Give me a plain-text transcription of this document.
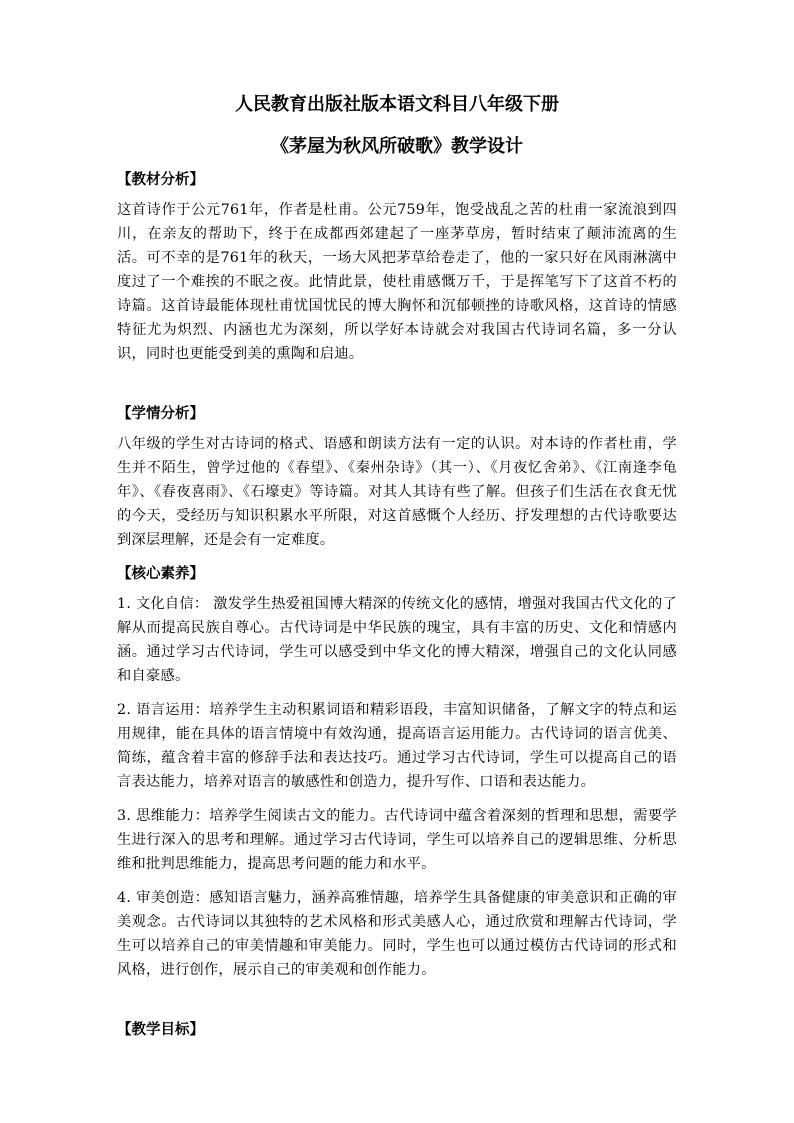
人民教育出版社版本语文科目八年级下册

《茅屋为秋风所破歌》教学设计

【教材分析】

这首诗作于公元761年，作者是杜甫。公元759年，饱受战乱之苦的杜甫一家流浪到四川，在亲友的帮助下，终于在成都西郊建起了一座茅草房，暂时结束了颠沛流离的生活。可不幸的是761年的秋天，一场大风把茅草给卷走了，他的一家只好在风雨淋漓中度过了一个难挨的不眠之夜。此情此景，使杜甫感慨万千，于是挥笔写下了这首不朽的诗篇。这首诗最能体现杜甫忧国忧民的博大胸怀和沉郁顿挫的诗歌风格，这首诗的情感特征尤为炽烈、内涵也尤为深刻，所以学好本诗就会对我国古代诗词名篇，多一分认识，同时也更能受到美的熏陶和启迪。

【学情分析】

八年级的学生对古诗词的格式、语感和朗读方法有一定的认识。对本诗的作者杜甫，学生并不陌生，曾学过他的《春望》、《秦州杂诗》（其一）、《月夜忆舍弟》、《江南逢李龟年》、《春夜喜雨》、《石壕吏》等诗篇。对其人其诗有些了解。但孩子们生活在衣食无忧的今天，受经历与知识积累水平所限，对这首感慨个人经历、抒发理想的古代诗歌要达到深层理解，还是会有一定难度。

【核心素养】

1. 文化自信： 激发学生热爱祖国博大精深的传统文化的感情，增强对我国古代文化的了解从而提高民族自尊心。古代诗词是中华民族的瑰宝，具有丰富的历史、文化和情感内涵。通过学习古代诗词，学生可以感受到中华文化的博大精深，增强自己的文化认同感和自豪感。

2. 语言运用：培养学生主动积累词语和精彩语段，丰富知识储备，了解文字的特点和运用规律，能在具体的语言情境中有效沟通，提高语言运用能力。古代诗词的语言优美、简练，蕴含着丰富的修辞手法和表达技巧。通过学习古代诗词，学生可以提高自己的语言表达能力，培养对语言的敏感性和创造力，提升写作、口语和表达能力。

3. 思维能力：培养学生阅读古文的能力。古代诗词中蕴含着深刻的哲理和思想，需要学生进行深入的思考和理解。通过学习古代诗词，学生可以培养自己的逻辑思维、分析思维和批判思维能力，提高思考问题的能力和水平。

4. 审美创造：感知语言魅力，涵养高雅情趣，培养学生具备健康的审美意识和正确的审美观念。古代诗词以其独特的艺术风格和形式美感人心，通过欣赏和理解古代诗词，学生可以培养自己的审美情趣和审美能力。同时，学生也可以通过模仿古代诗词的形式和风格，进行创作，展示自己的审美观和创作能力。

【教学目标】
